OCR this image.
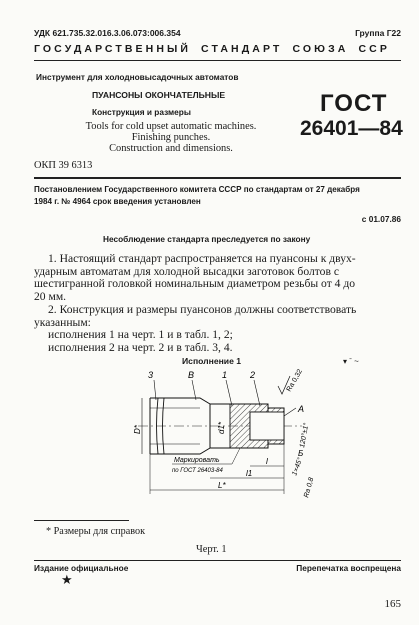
УДК 621.735.32.016.3.06.073:006.354	Группа Г22
ГОСУДАРСТВЕННЫЙ СТАНДАРТ СОЮЗА ССР
Инструмент для холодновысадочных автоматов
ПУАНСОНЫ ОКОНЧАТЕЛЬНЫЕ
Конструкция и размеры
Tools for cold upset automatic machines.
Finishing punches.
Construction and dimensions.
ГОСТ
26401—84
ОКП 39 6313
Постановлением Государственного комитета СССР по стандартам от 27 декабря
1984 г. № 4964 срок введения установлен
с 01.07.86
Несоблюдение стандарта преследуется по закону
1. Настоящий стандарт распространяется на пуансоны к двух-
ударным автоматам для холодной высадки заготовок болтов с
шестигранной головкой номинальным диаметром резьбы от 4 до
20 мм.
2. Конструкция и размеры пуансонов должны соответствовать
указанным:
исполнения 1 на черт. 1 и в табл. 1, 2;
исполнения 2 на черт. 2 и в табл. 3, 4.
Исполнение 1	▾ ˉ ~
3	В	1	2	Ra 0,32
D*	d1*
A
120°±1°
Б
l
l1
L*
Маркировать
по ГОСТ 26403-84	1×45°
Ra 0,8
* Размеры для справок
Черт. 1
Издание официальное	Перепечатка воспрещена
★
165
